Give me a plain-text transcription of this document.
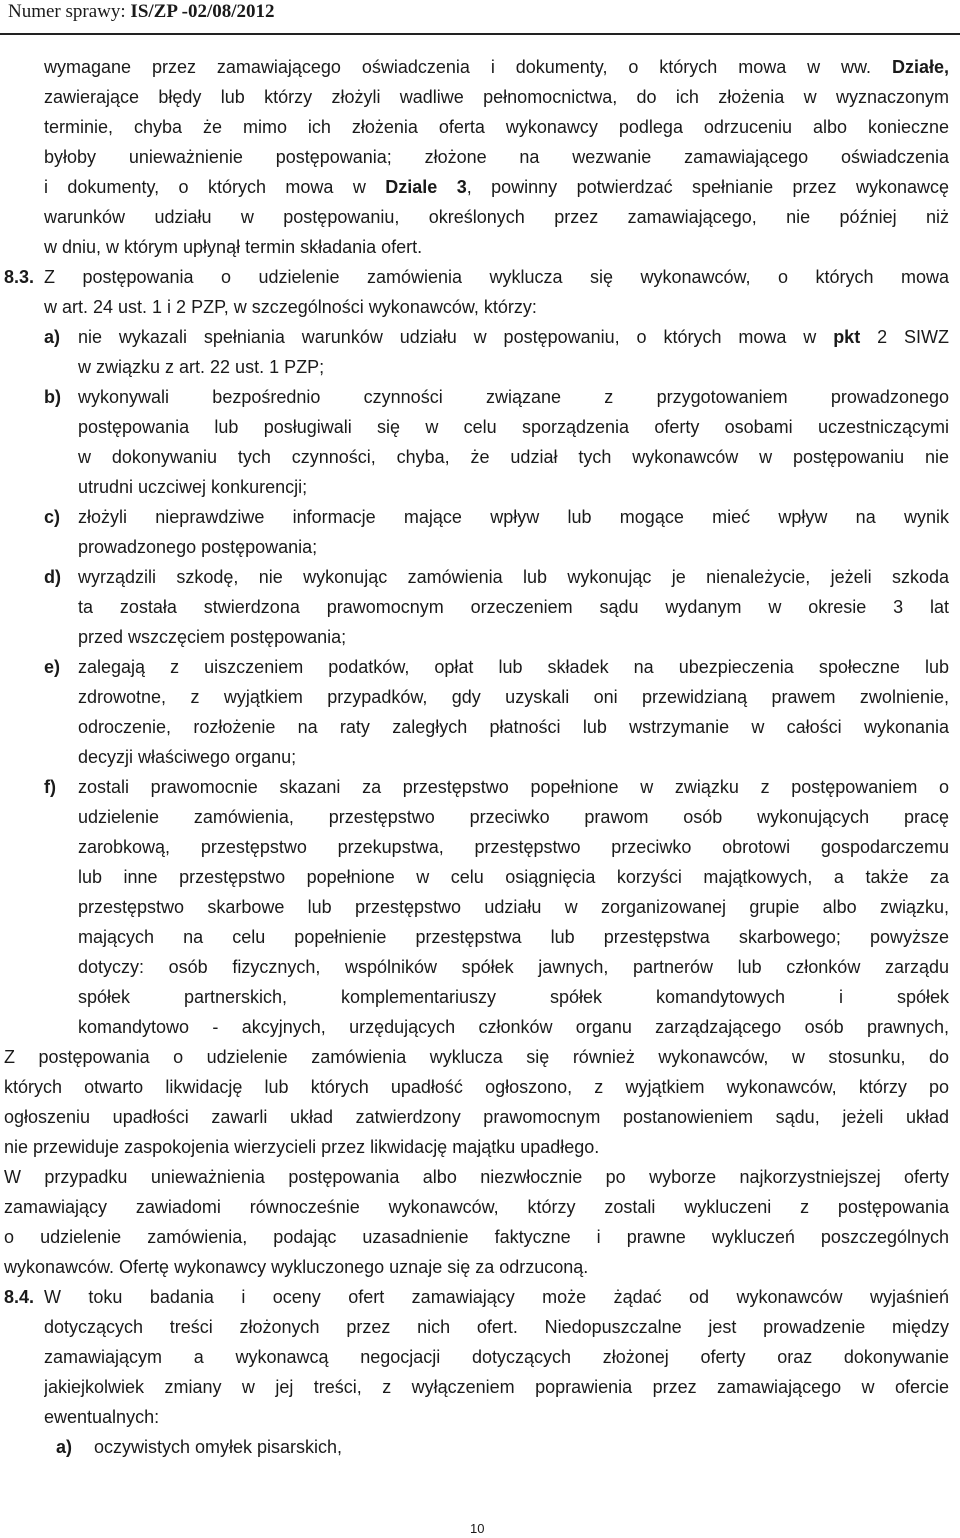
Numer sprawy: IS/ZP -02/08/2012
wymagane przez zamawiającego oświadczenia i dokumenty, o których mowa w ww. Działe,
zawierające błędy lub którzy złożyli wadliwe pełnomocnictwa, do ich złożenia w wyznaczonym
terminie, chyba że mimo ich złożenia oferta wykonawcy podlega odrzuceniu albo konieczne
byłoby unieważnienie postępowania; złożone na wezwanie zamawiającego oświadczenia
i dokumenty, o których mowa w Dziale 3, powinny potwierdzać spełnianie przez wykonawcę
warunków udziału w postępowaniu, określonych przez zamawiającego, nie później niż
w dniu, w którym upłynął termin składania ofert.
8.3. Z postępowania o udzielenie zamówienia wyklucza się wykonawców, o których mowa
w art. 24 ust. 1 i 2 PZP, w szczególności wykonawców, którzy:
a) nie wykazali spełniania warunków udziału w postępowaniu, o których mowa w pkt 2 SIWZ
w związku z art. 22 ust. 1 PZP;
b) wykonywali bezpośrednio czynności związane z przygotowaniem prowadzonego
postępowania lub posługiwali się w celu sporządzenia oferty osobami uczestniczącymi
w dokonywaniu tych czynności, chyba, że udział tych wykonawców w postępowaniu nie
utrudni uczciwej konkurencji;
c) złożyli nieprawdziwe informacje mające wpływ lub mogące mieć wpływ na wynik
prowadzonego postępowania;
d) wyrządzili szkodę, nie wykonując zamówienia lub wykonując je nienależycie, jeżeli szkoda
ta została stwierdzona prawomocnym orzeczeniem sądu wydanym w okresie 3 lat
przed wszczęciem postępowania;
e) zalegają z uiszczeniem podatków, opłat lub składek na ubezpieczenia społeczne lub
zdrowotne, z wyjątkiem przypadków, gdy uzyskali oni przewidzianą prawem zwolnienie,
odroczenie, rozłożenie na raty zaległych płatności lub wstrzymanie w całości wykonania
decyzji właściwego organu;
f) zostali prawomocnie skazani za przestępstwo popełnione w związku z postępowaniem o
udzielenie zamówienia, przestępstwo przeciwko prawom osób wykonujących pracę
zarobkową, przestępstwo przekupstwa, przestępstwo przeciwko obrotowi gospodarczemu
lub inne przestępstwo popełnione w celu osiągnięcia korzyści majątkowych, a także za
przestępstwo skarbowe lub przestępstwo udziału w zorganizowanej grupie albo związku,
mających na celu popełnienie przestępstwa lub przestępstwa skarbowego; powyższe
dotyczy: osób fizycznych, wspólników spółek jawnych, partnerów lub członków zarządu
spółek partnerskich, komplementariuszy spółek komandytowych i spółek
komandytowo - akcyjnych, urzędujących członków organu zarządzającego osób prawnych,
Z postępowania o udzielenie zamówienia wyklucza się również wykonawców, w stosunku, do
których otwarto likwidację lub których upadłość ogłoszono, z wyjątkiem wykonawców, którzy po
ogłoszeniu upadłości zawarli układ zatwierdzony prawomocnym postanowieniem sądu, jeżeli układ
nie przewiduje zaspokojenia wierzycieli przez likwidację majątku upadłego.
W przypadku unieważnienia postępowania albo niezwłocznie po wyborze najkorzystniejszej oferty
zamawiający zawiadomi równocześnie wykonawców, którzy zostali wykluczeni z postępowania
o udzielenie zamówienia, podając uzasadnienie faktyczne i prawne wykluczeń poszczególnych
wykonawców. Ofertę wykonawcy wykluczonego uznaje się za odrzuconą.
8.4. W toku badania i oceny ofert zamawiający może żądać od wykonawców wyjaśnień
dotyczących treści złożonych przez nich ofert. Niedopuszczalne jest prowadzenie między
zamawiającym a wykonawcą negocjacji dotyczących złożonej oferty oraz dokonywanie
jakiejkolwiek zmiany w jej treści, z wyłączeniem poprawienia przez zamawiającego w ofercie
ewentualnych:
a) oczywistych omyłek pisarskich,
10
